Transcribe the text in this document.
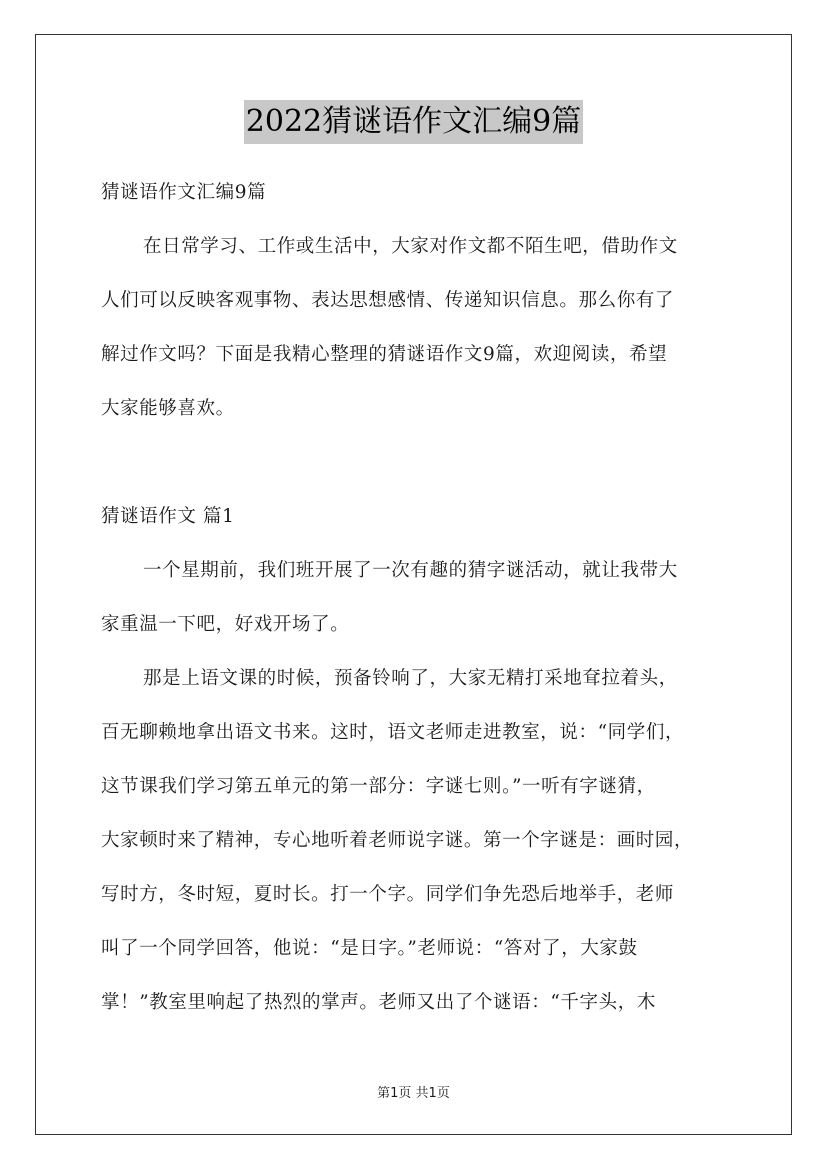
2022猜谜语作文汇编9篇
猜谜语作文汇编9篇
在日常学习、工作或生活中，大家对作文都不陌生吧，借助作文
人们可以反映客观事物、表达思想感情、传递知识信息。那么你有了
解过作文吗？下面是我精心整理的猜谜语作文9篇，欢迎阅读，希望
大家能够喜欢。
猜谜语作文 篇1
一个星期前，我们班开展了一次有趣的猜字谜活动，就让我带大
家重温一下吧，好戏开场了。
那是上语文课的时候，预备铃响了，大家无精打采地耷拉着头，
百无聊赖地拿出语文书来。这时，语文老师走进教室，说：“同学们，
这节课我们学习第五单元的第一部分：字谜七则。”一听有字谜猜，
大家顿时来了精神，专心地听着老师说字谜。第一个字谜是：画时园，
写时方，冬时短，夏时长。打一个字。同学们争先恐后地举手，老师
叫了一个同学回答，他说：“是日字。”老师说：“答对了，大家鼓
掌！”教室里响起了热烈的掌声。老师又出了个谜语：“千字头，木
第1页 共1页
